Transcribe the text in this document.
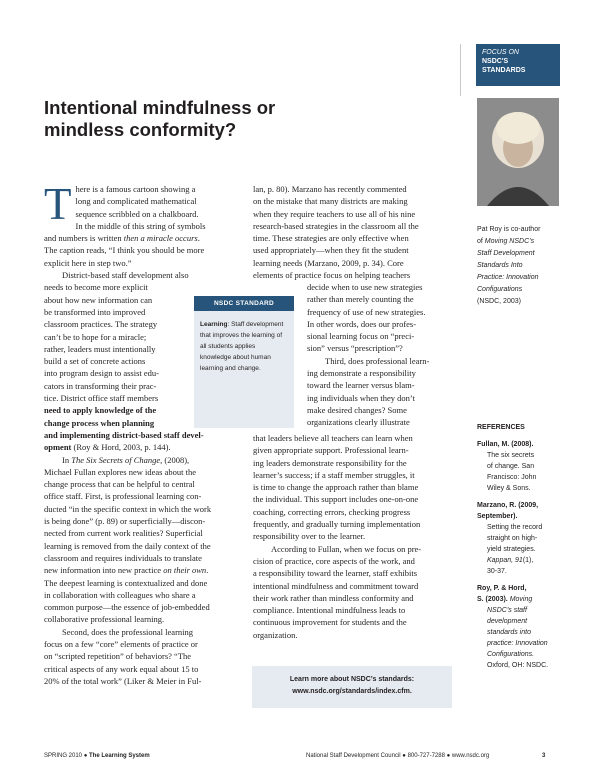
FOCUS ON
NSDC'S
STANDARDS
Intentional mindfulness or
mindless conformity?
Pat Roy is co-author
of Moving NSDC’s
Staff Development
Standards Into
Practice: Innovation
Configurations
(NSDC, 2003)
T here is a famous cartoon showing a
long and complicated mathematical
sequence scribbled on a chalkboard.
In the middle of this string of symbols

and numbers is written then a miracle occurs.
The caption reads, “I think you should be more
explicit here in step two.”

District-based staff development also
needs to become more explicit
about how new information can
be transformed into improved
classroom practices. The strategy
can’t be to hope for a miracle;
rather, leaders must intentionally
build a set of concrete actions
into program design to assist edu-
cators in transforming their prac-
tice. District office staff members
need to apply knowledge of the
change process when planning
and implementing district-based staff devel-
opment (Roy & Hord, 2003, p. 144).

In The Six Secrets of Change, (2008),
Michael Fullan explores new ideas about the
change process that can be helpful to central
office staff. First, is professional learning con-
ducted “in the specific context in which the work
is being done” (p. 89) or superficially—discon-
nected from current work realities? Superficial
learning is removed from the daily context of the
classroom and requires individuals to translate
new information into new practice on their own.
The deepest learning is contextualized and done
in collaboration with colleagues who share a
common purpose—the essence of job-embedded
collaborative professional learning.

Second, does the professional learning
focus on a few “core” elements of practice or
on “scripted repetition” of behaviors? “The
critical aspects of any work equal about 15 to
20% of the total work” (Liker & Meier in Ful-

NSDC STANDARD
Learning: Staff development that improves the learning of all students applies knowledge about human learning and change.

lan, p. 80). Marzano has recently commented
on the mistake that many districts are making
when they require teachers to use all of his nine
research-based strategies in the classroom all the
time. These strategies are only effective when
used appropriately—when they fit the student
learning needs (Marzano, 2009, p. 34). Core
elements of practice focus on helping teachers

decide when to use new strategies
rather than merely counting the
frequency of use of new strategies.
In other words, does our profes-
sional learning focus on “preci-
sion” versus “prescription”?
Third, does professional learn-
ing demonstrate a responsibility
toward the learner versus blam-
ing individuals when they don’t
make desired changes? Some
organizations clearly illustrate

that leaders believe all teachers can learn when
given appropriate support. Professional learn-
ing leaders demonstrate responsibility for the
learner’s success; if a staff member struggles, it
is time to change the approach rather than blame
the individual. This support includes one-on-one
coaching, correcting errors, checking progress
frequently, and gradually turning implementation
responsibility over to the learner.

According to Fullan, when we focus on pre-
cision of practice, core aspects of the work, and
a responsibility toward the learner, staff exhibits
intentional mindfulness and commitment toward
their work rather than mindless conformity and
compliance. Intentional mindfulness leads to
continuous improvement for students and the
organization.

Learn more about NSDC’s standards:
www.nsdc.org/standards/index.cfm.
REFERENCES
Fullan, M. (2008).
The six secrets
of change. San
Francisco: John
Wiley & Sons.
Marzano, R. (2009,
September).
Setting the record
straight on high-
yield strategies.
Kappan, 91(1),
30-37.
Roy, P. & Hord,
S. (2003). Moving
NSDC’s staff
development
standards into
practice: Innovation
Configurations.
Oxford, OH: NSDC.
SPRING 2010 ● The Learning System	National Staff Development Council ● 800-727-7288 ● www.nsdc.org	3
